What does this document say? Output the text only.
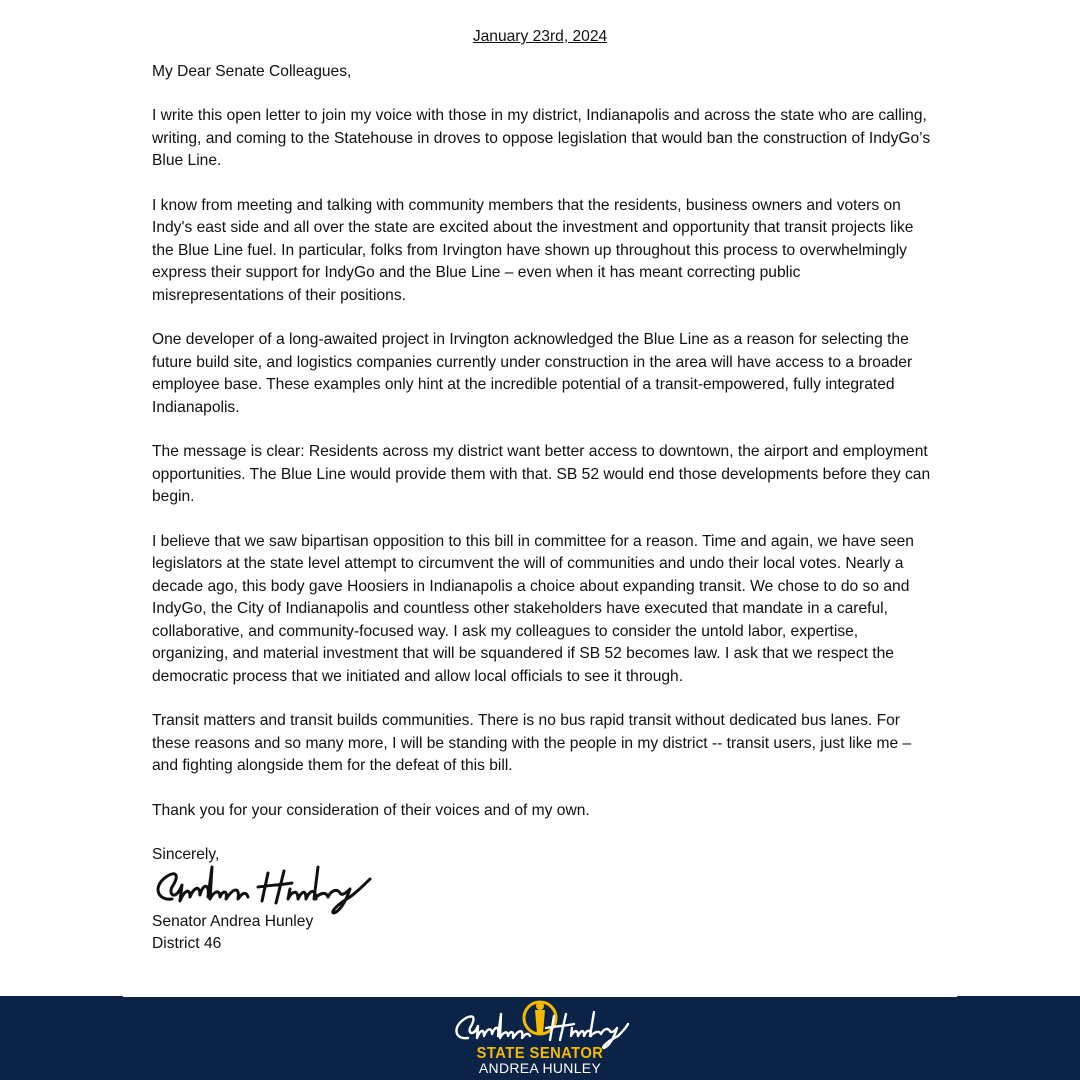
January 23rd, 2024

My Dear Senate Colleagues,

I write this open letter to join my voice with those in my district, Indianapolis and across the state who are calling, writing, and coming to the Statehouse in droves to oppose legislation that would ban the construction of IndyGo’s Blue Line.

I know from meeting and talking with community members that the residents, business owners and voters on Indy's east side and all over the state are excited about the investment and opportunity that transit projects like the Blue Line fuel. In particular, folks from Irvington have shown up throughout this process to overwhelmingly express their support for IndyGo and the Blue Line – even when it has meant correcting public misrepresentations of their positions.

One developer of a long-awaited project in Irvington acknowledged the Blue Line as a reason for selecting the future build site, and logistics companies currently under construction in the area will have access to a broader employee base. These examples only hint at the incredible potential of a transit-empowered, fully integrated Indianapolis.

The message is clear: Residents across my district want better access to downtown, the airport and employment opportunities. The Blue Line would provide them with that. SB 52 would end those developments before they can begin.

I believe that we saw bipartisan opposition to this bill in committee for a reason. Time and again, we have seen legislators at the state level attempt to circumvent the will of communities and undo their local votes. Nearly a decade ago, this body gave Hoosiers in Indianapolis a choice about expanding transit. We chose to do so and IndyGo, the City of Indianapolis and countless other stakeholders have executed that mandate in a careful, collaborative, and community-focused way. I ask my colleagues to consider the untold labor, expertise, organizing, and material investment that will be squandered if SB 52 becomes law. I ask that we respect the democratic process that we initiated and allow local officials to see it through.

Transit matters and transit builds communities. There is no bus rapid transit without dedicated bus lanes. For these reasons and so many more, I will be standing with the people in my district -- transit users, just like me – and fighting alongside them for the defeat of this bill.

Thank you for your consideration of their voices and of my own.

Sincerely,

Senator Andrea Hunley

District 46

STATE SENATOR
ANDREA HUNLEY
